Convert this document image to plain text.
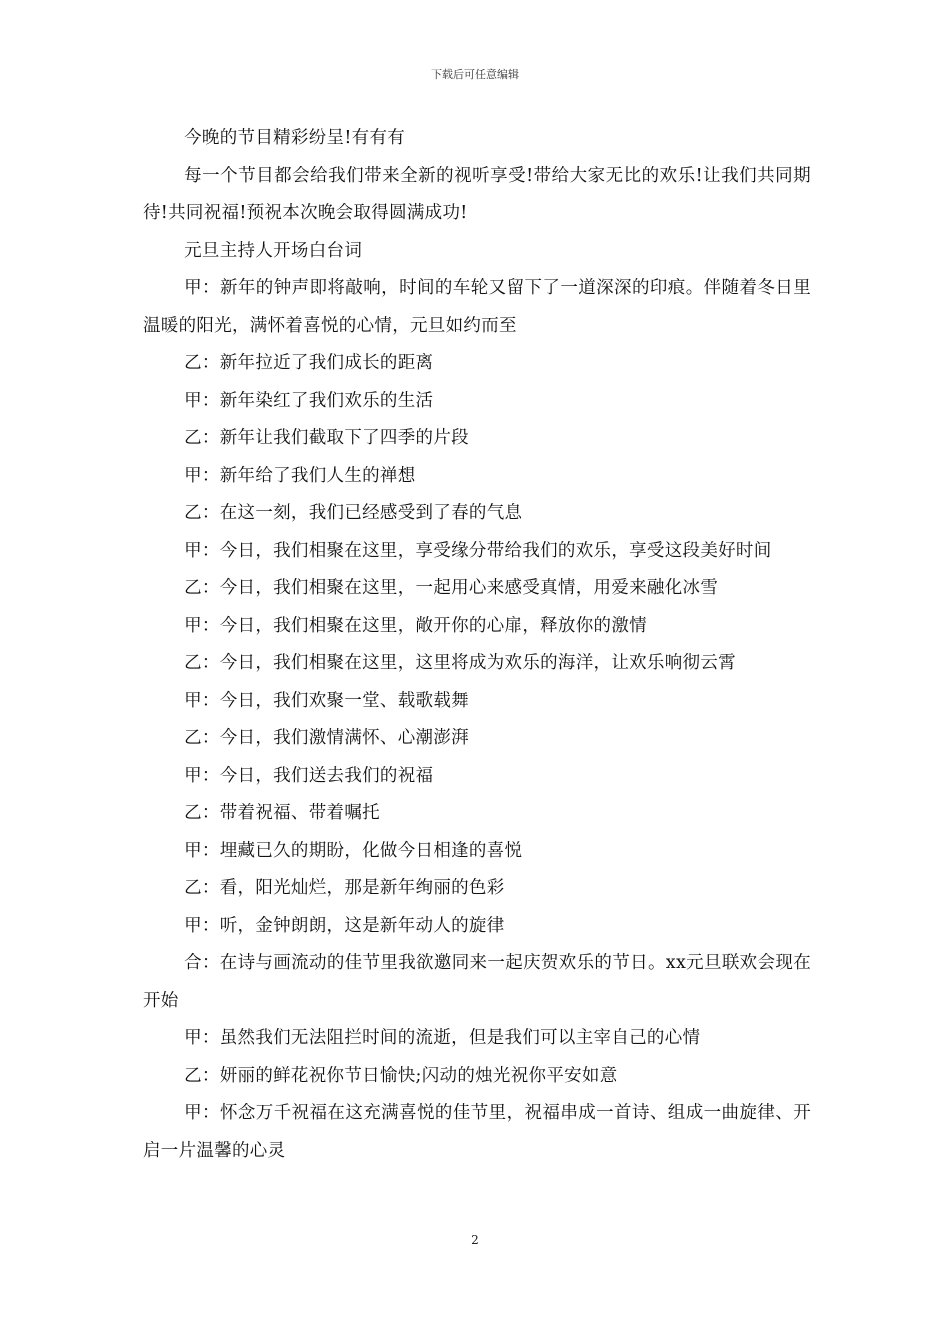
下载后可任意编辑

今晚的节目精彩纷呈!有有有

每一个节目都会给我们带来全新的视听享受!带给大家无比的欢乐!让我们共同期待!共同祝福!预祝本次晚会取得圆满成功!

元旦主持人开场白台词

甲：新年的钟声即将敲响，时间的车轮又留下了一道深深的印痕。伴随着冬日里温暖的阳光，满怀着喜悦的心情，元旦如约而至

乙：新年拉近了我们成长的距离

甲：新年染红了我们欢乐的生活

乙：新年让我们截取下了四季的片段

甲：新年给了我们人生的禅想

乙：在这一刻，我们已经感受到了春的气息

甲：今日，我们相聚在这里，享受缘分带给我们的欢乐，享受这段美好时间

乙：今日，我们相聚在这里，一起用心来感受真情，用爱来融化冰雪

甲：今日，我们相聚在这里，敞开你的心扉，释放你的激情

乙：今日，我们相聚在这里，这里将成为欢乐的海洋，让欢乐响彻云霄

甲：今日，我们欢聚一堂、载歌载舞

乙：今日，我们激情满怀、心潮澎湃

甲：今日，我们送去我们的祝福

乙：带着祝福、带着嘱托

甲：埋藏已久的期盼，化做今日相逢的喜悦

乙：看，阳光灿烂，那是新年绚丽的色彩

甲：听，金钟朗朗，这是新年动人的旋律

合：在诗与画流动的佳节里我欲邀同来一起庆贺欢乐的节日。xx元旦联欢会现在开始

甲：虽然我们无法阻拦时间的流逝，但是我们可以主宰自己的心情

乙：妍丽的鲜花祝你节日愉快;闪动的烛光祝你平安如意

甲：怀念万千祝福在这充满喜悦的佳节里，祝福串成一首诗、组成一曲旋律、开启一片温馨的心灵

2
